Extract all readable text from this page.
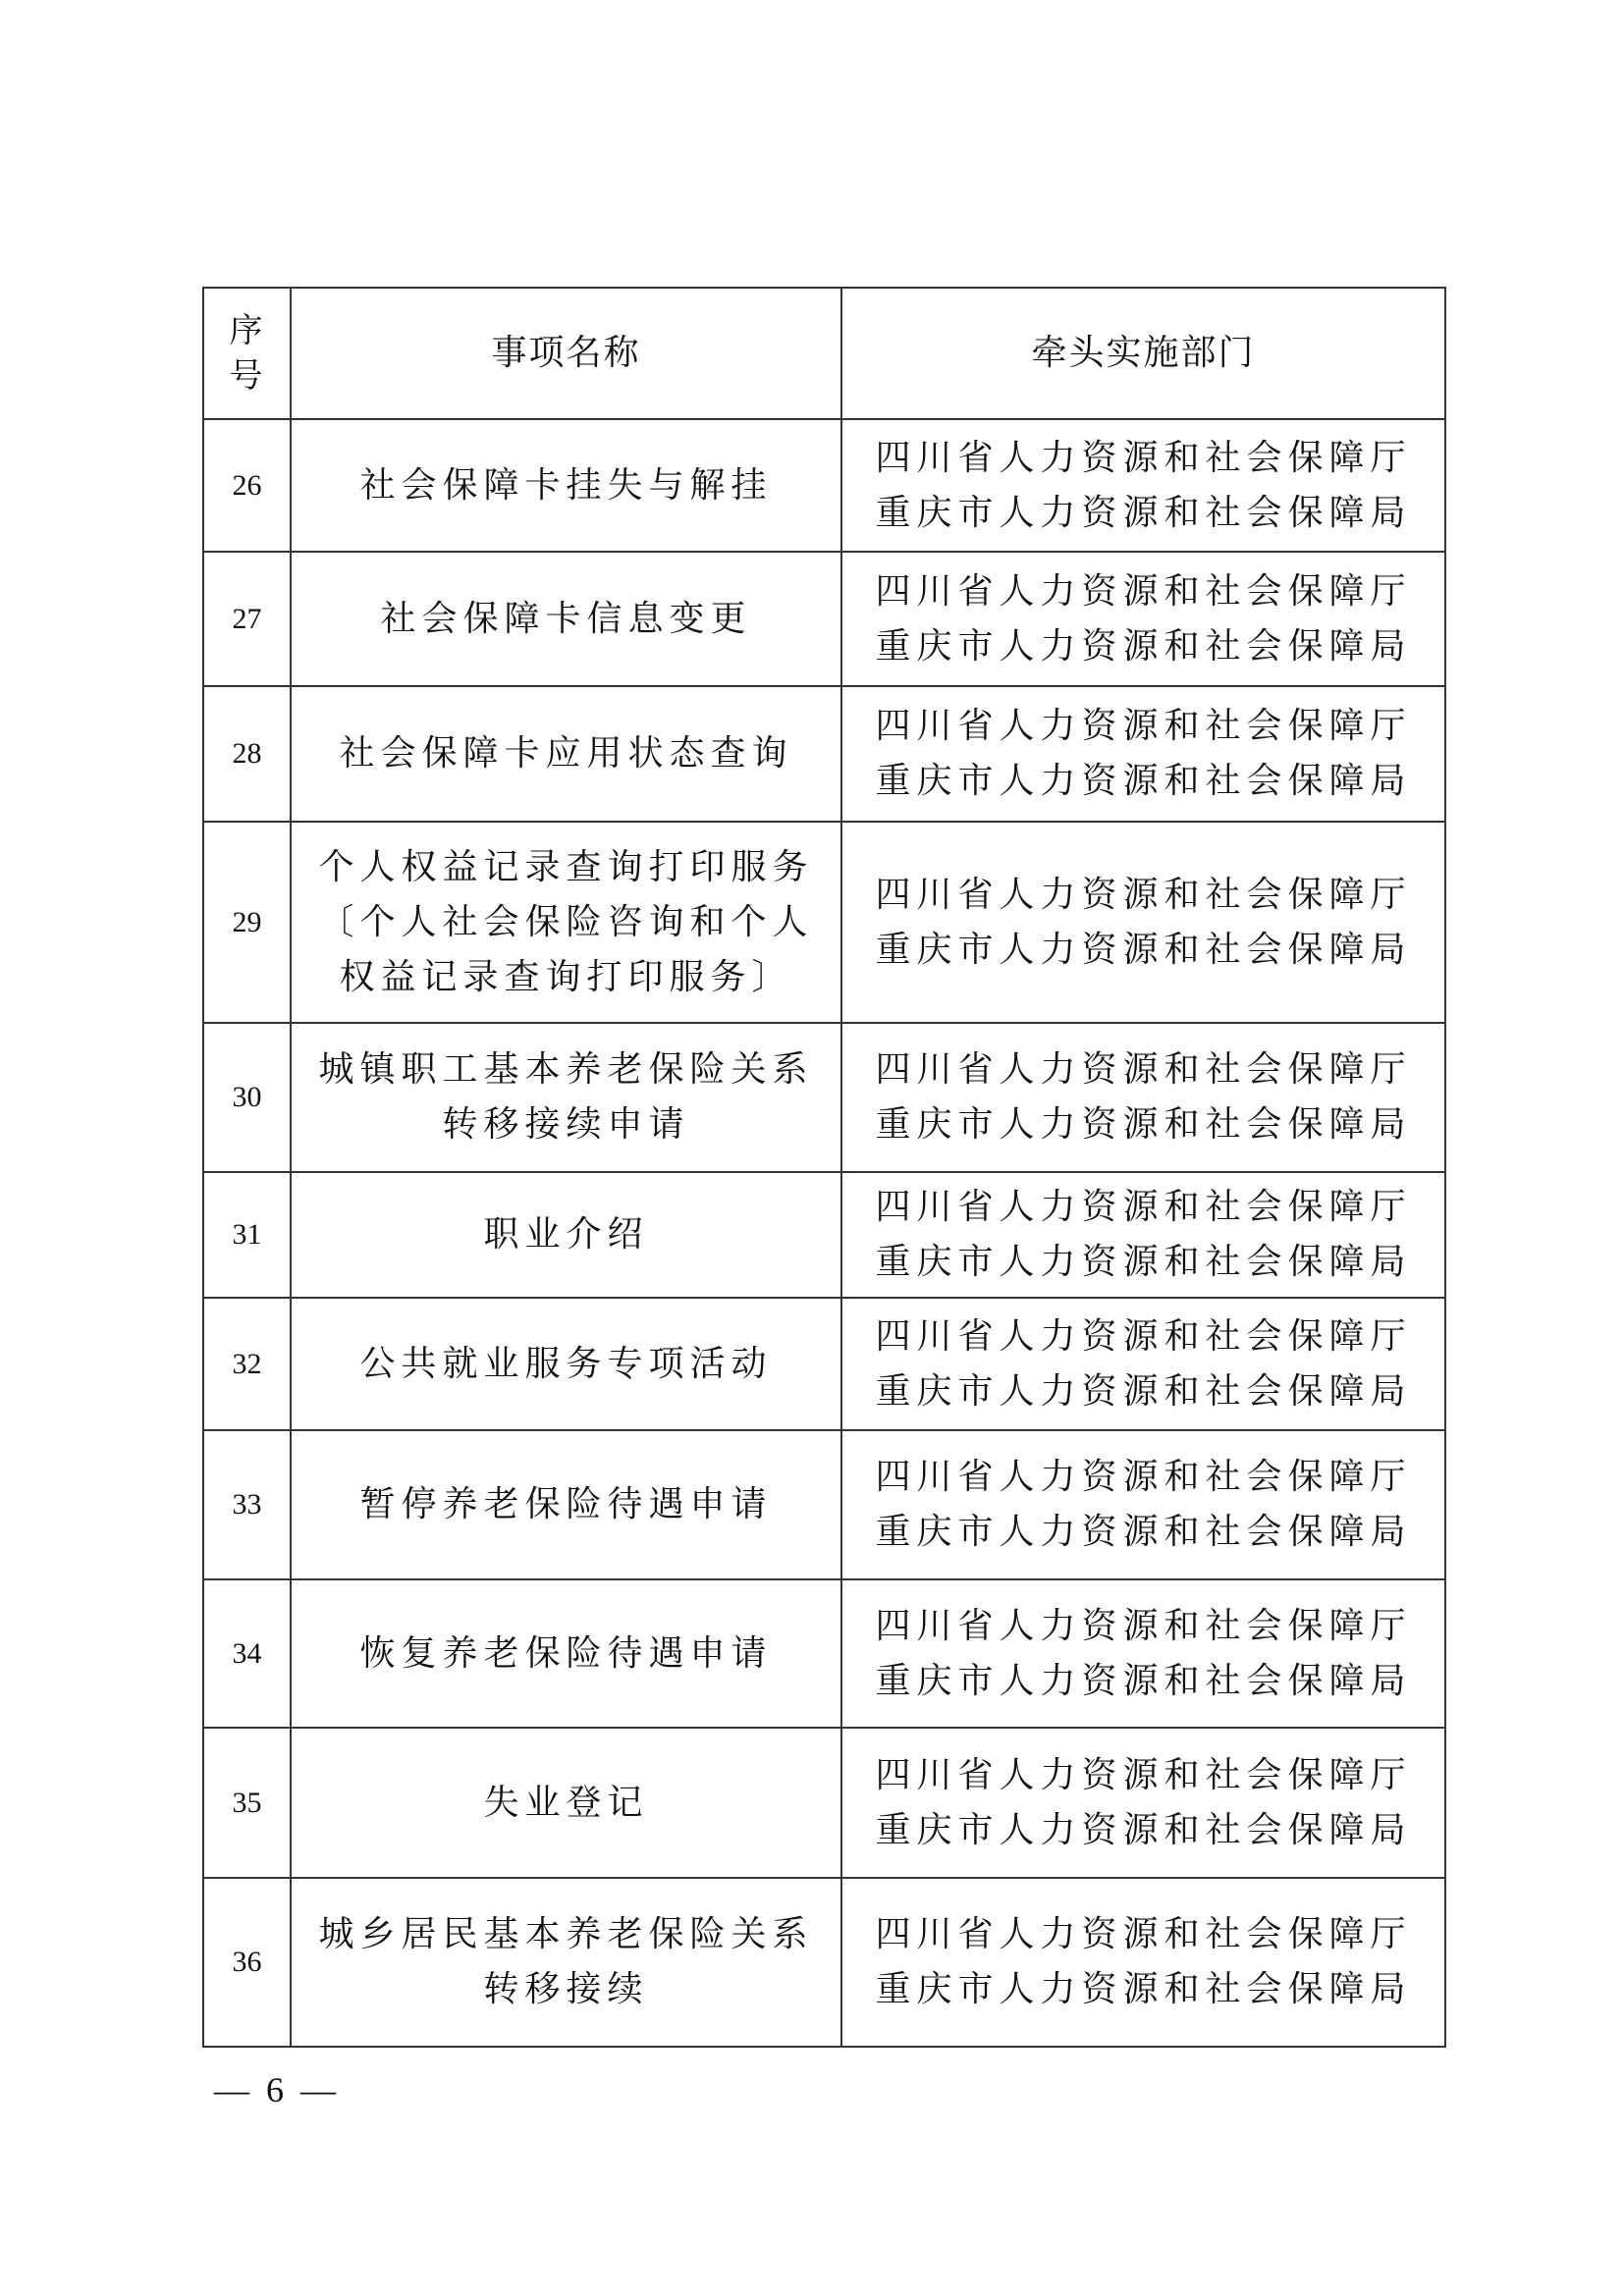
序
号	事项名称	牵头实施部门
26	社会保障卡挂失与解挂	四川省人力资源和社会保障厅
重庆市人力资源和社会保障局

27	社会保障卡信息变更	四川省人力资源和社会保障厅
重庆市人力资源和社会保障局

28	社会保障卡应用状态查询	四川省人力资源和社会保障厅
重庆市人力资源和社会保障局

29	个人权益记录查询打印服务
〔个人社会保险咨询和个人
权益记录查询打印服务〕	四川省人力资源和社会保障厅
重庆市人力资源和社会保障局

30	城镇职工基本养老保险关系
转移接续申请	四川省人力资源和社会保障厅
重庆市人力资源和社会保障局

31	职业介绍	四川省人力资源和社会保障厅
重庆市人力资源和社会保障局

32	公共就业服务专项活动	四川省人力资源和社会保障厅
重庆市人力资源和社会保障局

33	暂停养老保险待遇申请	四川省人力资源和社会保障厅
重庆市人力资源和社会保障局

34	恢复养老保险待遇申请	四川省人力资源和社会保障厅
重庆市人力资源和社会保障局

35	失业登记	四川省人力资源和社会保障厅
重庆市人力资源和社会保障局

36	城乡居民基本养老保险关系
转移接续	四川省人力资源和社会保障厅
重庆市人力资源和社会保障局
— 6 —
